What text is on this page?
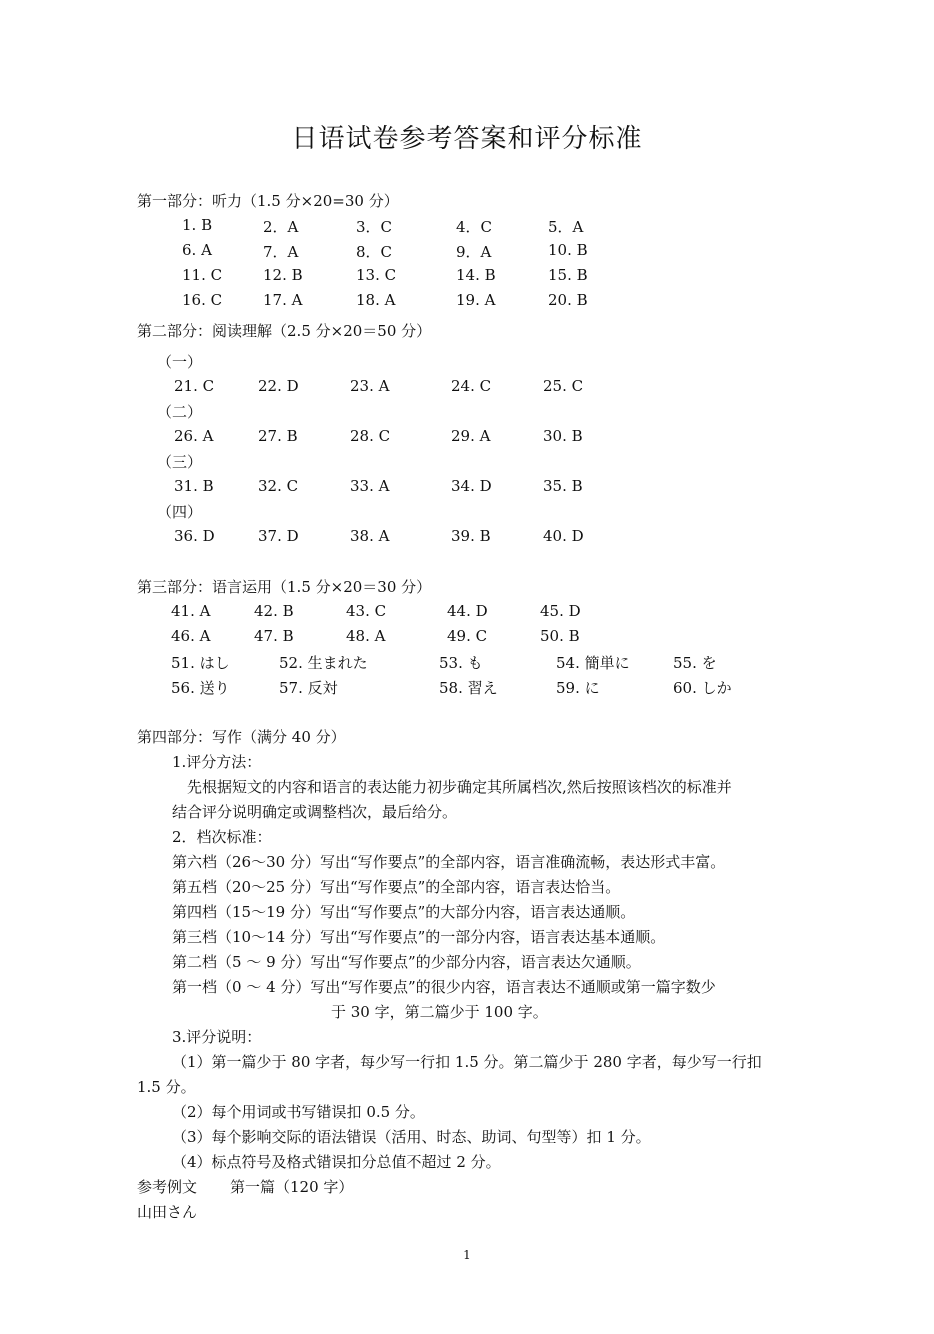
日语试卷参考答案和评分标准
第一部分：听力（1.5 分×20=30 分）
1. B	2．A	3．C	4．C	5．A
6. A	7．A	8．C	9．A	10. B
11. C	12. B	13. C	14. B	15. B
16. C	17. A	18. A	19. A	20. B
第二部分：阅读理解（2.5 分×20＝50 分）
（一）
21. C	22. D	23. A	24. C	25. C
（二）
26. A	27. B	28. C	29. A	30. B
（三）
31. B	32. C	33. A	34. D	35. B
（四）
36. D	37. D	38. A	39. B	40. D
第三部分：语言运用（1.5 分×20＝30 分）
41. A	42. B	43. C	44. D	45. D
46. A	47. B	48. A	49. C	50. B
51. はし	52. 生まれた	53. も	54. 簡単に	55. を
56. 送り	57. 反対	58. 習え	59. に	60. しか
第四部分：写作（满分 40 分）
1.评分方法：
先根据短文的内容和语言的表达能力初步确定其所属档次,然后按照该档次的标准并
结合评分说明确定或调整档次，最后给分。
2．档次标准：
第六档（26～30 分）写出“写作要点”的全部内容，语言准确流畅，表达形式丰富。
第五档（20～25 分）写出“写作要点”的全部内容，语言表达恰当。
第四档（15～19 分）写出“写作要点”的大部分内容，语言表达通顺。
第三档（10～14 分）写出“写作要点”的一部分内容，语言表达基本通顺。
第二档（5 ～ 9 分）写出“写作要点”的少部分内容，语言表达欠通顺。
第一档（0 ～ 4 分）写出“写作要点”的很少内容，语言表达不通顺或第一篇字数少
于 30 字，第二篇少于 100 字。
3.评分说明：
（1）第一篇少于 80 字者，每少写一行扣 1.5 分。第二篇少于 280 字者，每少写一行扣
1.5 分。
（2）每个用词或书写错误扣 0.5 分。
（3）每个影响交际的语法错误（活用、时态、助词、句型等）扣 1 分。
（4）标点符号及格式错误扣分总值不超过 2 分。
参考例文 第一篇（120 字）
山田さん
1
